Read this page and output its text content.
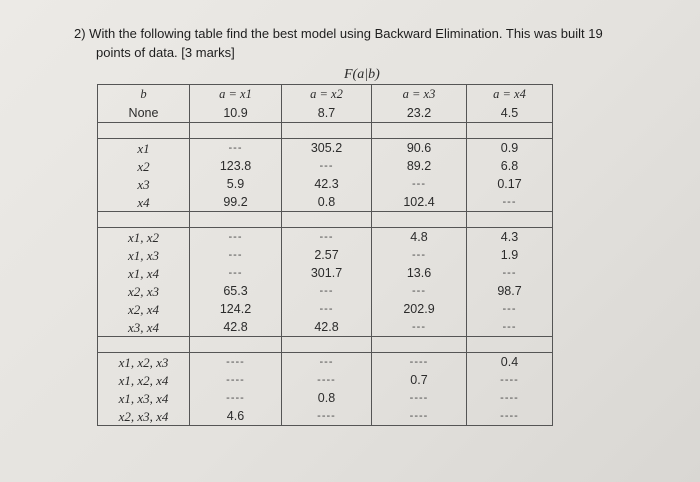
2) With the following table find the best model using Backward Elimination. This was built 19
points of data. [3 marks]
F(a|b)
b	a = x1	a = x2	a = x3	a = x4
None	10.9	8.7	23.2	4.5

x1	---	305.2	90.6	0.9
x2	123.8	---	89.2	6.8
x3	5.9	42.3	---	0.17
x4	99.2	0.8	102.4	---

x1, x2	---	---	4.8	4.3
x1, x3	---	2.57	---	1.9
x1, x4	---	301.7	13.6	---
x2, x3	65.3	---	---	98.7
x2, x4	124.2	---	202.9	---
x3, x4	42.8	42.8	---	---

x1, x2, x3	----	---	----	0.4
x1, x2, x4	----	----	0.7	----
x1, x3, x4	----	0.8	----	----
x2, x3, x4	4.6	----	----	----
